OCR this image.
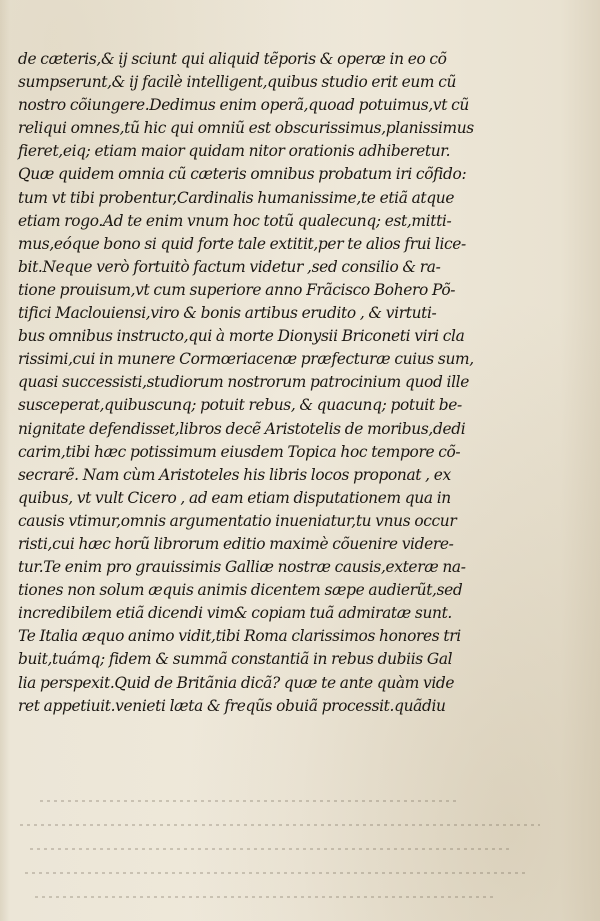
de cæteris,& ij sciunt qui aliquid tẽporis & operæ in eo cõ
sumpserunt,& ij facilè intelligent,quibus studio erit eum cũ
nostro cõiungere.Dedimus enim operã,quoad potuimus,vt cũ
reliqui omnes,tũ hic qui omniũ est obscurissimus,planissimus
fieret,eiq; etiam maior quidam nitor orationis adhiberetur.
Quæ quidem omnia cũ cæteris omnibus probatum iri cõfido:
tum vt tibi probentur,Cardinalis humanissime,te etiã atque
etiam rogo.Ad te enim vnum hoc totũ qualecunq; est,mitti-
mus,eóque bono si quid forte tale extitit,per te alios frui lice-
bit.Neque verò fortuitò factum videtur ,sed consilio & ra-
tione prouisum,vt cum superiore anno Frãcisco Bohero Põ-
tifici Maclouiensi,viro & bonis artibus erudito , & virtuti-
bus omnibus instructo,qui à morte Dionysii Briconeti viri cla
rissimi,cui in munere Cormœriacenæ præfecturæ cuius sum,
quasi successisti,studiorum nostrorum patrocinium quod ille
susceperat,quibuscunq; potuit rebus, & quacunq; potuit be-
nignitate defendisset,libros decẽ Aristotelis de moribus,dedi
carim,tibi hæc potissimum eiusdem Topica hoc tempore cõ-
secrarẽ. Nam cùm Aristoteles his libris locos proponat , ex
quibus, vt vult Cicero , ad eam etiam disputationem qua in
causis vtimur,omnis argumentatio inueniatur,tu vnus occur
risti,cui hæc horũ librorum editio maximè cõuenire videre-
tur.Te enim pro grauissimis Galliæ nostræ causis,exteræ na-
tiones non solum æquis animis dicentem sæpe audierũt,sed
incredibilem etiã dicendi vim& copiam tuã admiratæ sunt.
Te Italia æquo animo vidit,tibi Roma clarissimos honores tri
buit,tuámq; fidem & summã constantiã in rebus dubiis Gal
lia perspexit.Quid de Britãnia dicã? quæ te ante quàm vide
ret appetiuit.venieti læta & freqũs obuiã processit.quãdiu
